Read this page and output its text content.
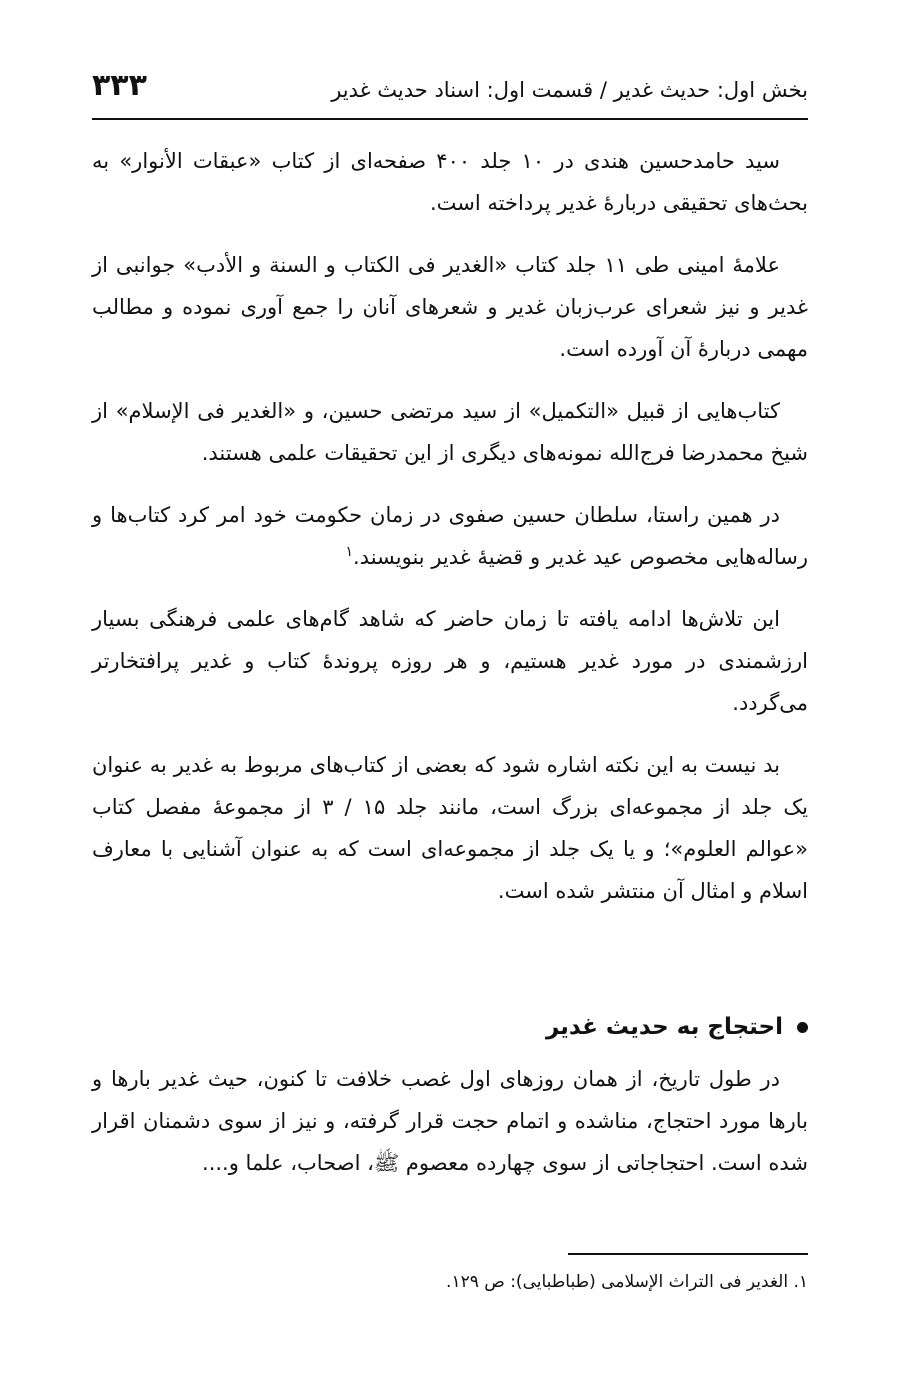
بخش اول: حدیث غدیر / قسمت اول: اسناد حدیث غدیر
۳۳۳

سید حامدحسین هندی در ۱۰ جلد ۴۰۰ صفحه‌ای از کتاب «عبقات الأنوار» به بحث‌های تحقیقی دربارهٔ غدیر پرداخته است.

علامهٔ امینی طی ۱۱ جلد کتاب «الغدیر فی الکتاب و السنة و الأدب» جوانبی از غدیر و نیز شعرای عرب‌زبان غدیر و شعرهای آنان را جمع آوری نموده و مطالب مهمی دربارهٔ آن آورده است.

کتاب‌هایی از قبیل «التکمیل» از سید مرتضی حسین، و «الغدیر فی الإسلام» از شیخ محمدرضا فرج‌الله نمونه‌های دیگری از این تحقیقات علمی هستند.

در همین راستا، سلطان حسین صفوی در زمان حکومت خود امر کرد کتاب‌ها و رساله‌هایی مخصوص عید غدیر و قضیهٔ غدیر بنویسند.$^۱$

این تلاش‌ها ادامه یافته تا زمان حاضر که شاهد گام‌های علمی فرهنگی بسیار ارزشمندی در مورد غدیر هستیم، و هر روزه پروندهٔ کتاب و غدیر پرافتخارتر می‌گردد.

بد نیست به این نکته اشاره شود که بعضی از کتاب‌های مربوط به غدیر به عنوان یک جلد از مجموعه‌ای بزرگ است، مانند جلد ۱۵ / ۳ از مجموعهٔ مفصل کتاب «عوالم العلوم»؛ و یا یک جلد از مجموعه‌ای است که به عنوان آشنایی با معارف اسلام و امثال آن منتشر شده است.

احتجاج به حدیث غدیر

در طول تاریخ، از همان روزهای اول غصب خلافت تا کنون، حیث غدیر بارها و بارها مورد احتجاج، مناشده و اتمام حجت قرار گرفته، و نیز از سوی دشمنان اقرار شده است. احتجاجاتی از سوی چهارده معصوم ﷺ، اصحاب، علما و....

۱. الغدیر فی التراث الإسلامی (طباطبایی): ص ۱۲۹.
